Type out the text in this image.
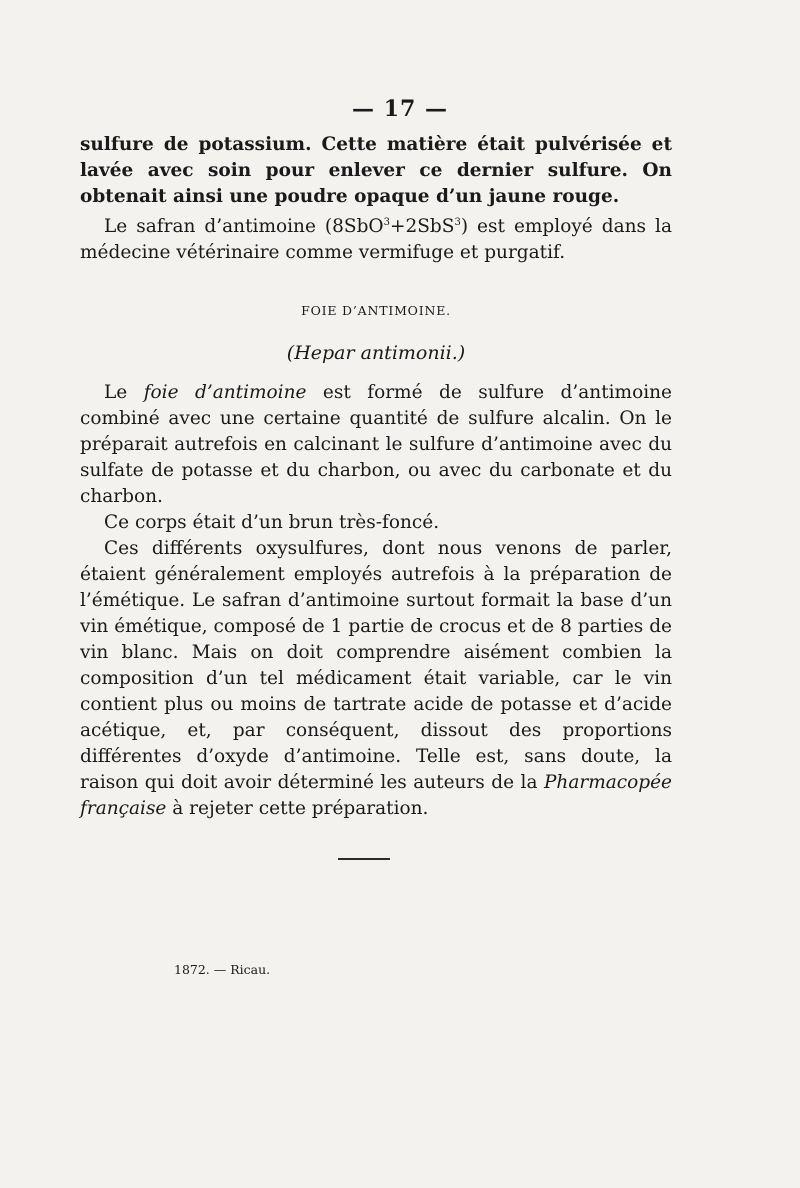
— 17 —

sulfure de potassium. Cette matière était pulvérisée et lavée avec soin pour enlever ce dernier sulfure. On obtenait ainsi une poudre opaque d’un jaune rouge.

Le safran d’antimoine (8SbO$^3$+2SbS$^3$) est employé dans la médecine vétérinaire comme vermifuge et purgatif.

FOIE D’ANTIMOINE.

(Hepar antimonii.)

Le foie d’antimoine est formé de sulfure d’antimoine combiné avec une certaine quantité de sulfure alcalin. On le préparait autrefois en calcinant le sulfure d’antimoine avec du sulfate de potasse et du charbon, ou avec du carbonate et du charbon.

Ce corps était d’un brun très-foncé.

Ces différents oxysulfures, dont nous venons de parler, étaient généralement employés autrefois à la préparation de l’émétique. Le safran d’antimoine surtout formait la base d’un vin émétique, composé de 1 partie de crocus et de 8 parties de vin blanc. Mais on doit comprendre aisément combien la composition d’un tel médicament était variable, car le vin contient plus ou moins de tartrate acide de potasse et d’acide acétique, et, par conséquent, dissout des proportions différentes d’oxyde d’antimoine. Telle est, sans doute, la raison qui doit avoir déterminé les auteurs de la Pharmacopée française à rejeter cette préparation.

1872. — Ricau.
